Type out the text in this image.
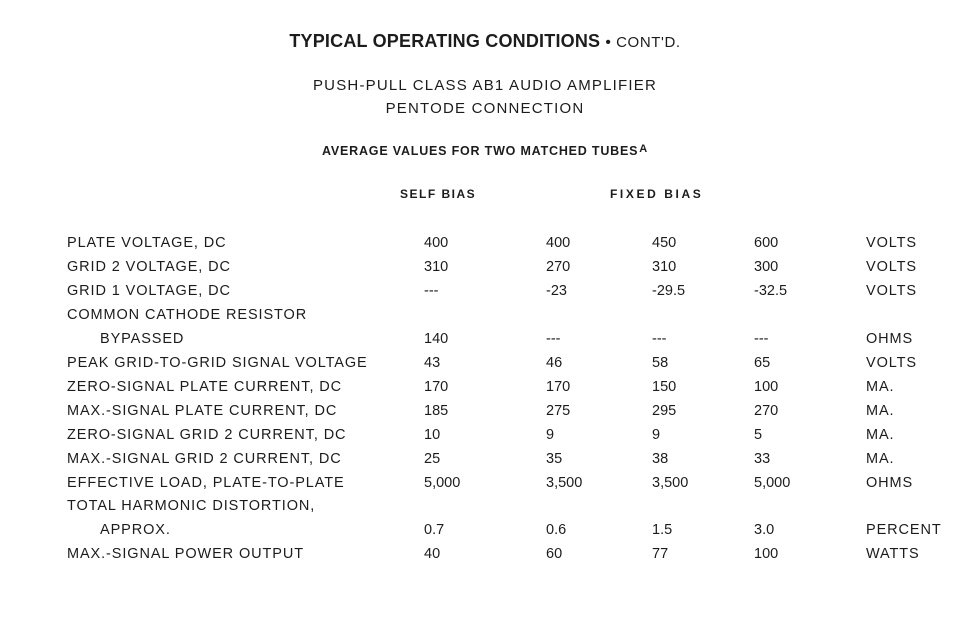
TYPICAL OPERATING CONDITIONS • CONT'D.
PUSH-PULL CLASS AB1 AUDIO AMPLIFIER
PENTODE CONNECTION
AVERAGE VALUES FOR TWO MATCHED $TUBES^A$
SELF BIAS	FIXED BIAS
PLATE VOLTAGE, DC	400	400	450	600	VOLTS
GRID 2 VOLTAGE, DC	310	270	310	300	VOLTS
GRID 1 VOLTAGE, DC	---	-23	-29.5	-32.5	VOLTS
COMMON CATHODE RESISTOR
BYPASSED	140	---	---	---	OHMS
PEAK GRID-TO-GRID SIGNAL VOLTAGE	43	46	58	65	VOLTS
ZERO-SIGNAL PLATE CURRENT, DC	170	170	150	100	MA.
MAX.-SIGNAL PLATE CURRENT, DC	185	275	295	270	MA.
ZERO-SIGNAL GRID 2 CURRENT, DC	10	9	9	5	MA.
MAX.-SIGNAL GRID 2 CURRENT, DC	25	35	38	33	MA.
EFFECTIVE LOAD, PLATE-TO-PLATE	5,000	3,500	3,500	5,000	OHMS
TOTAL HARMONIC DISTORTION,
APPROX.	0.7	0.6	1.5	3.0	PERCENT
MAX.-SIGNAL POWER OUTPUT	40	60	77	100	WATTS
